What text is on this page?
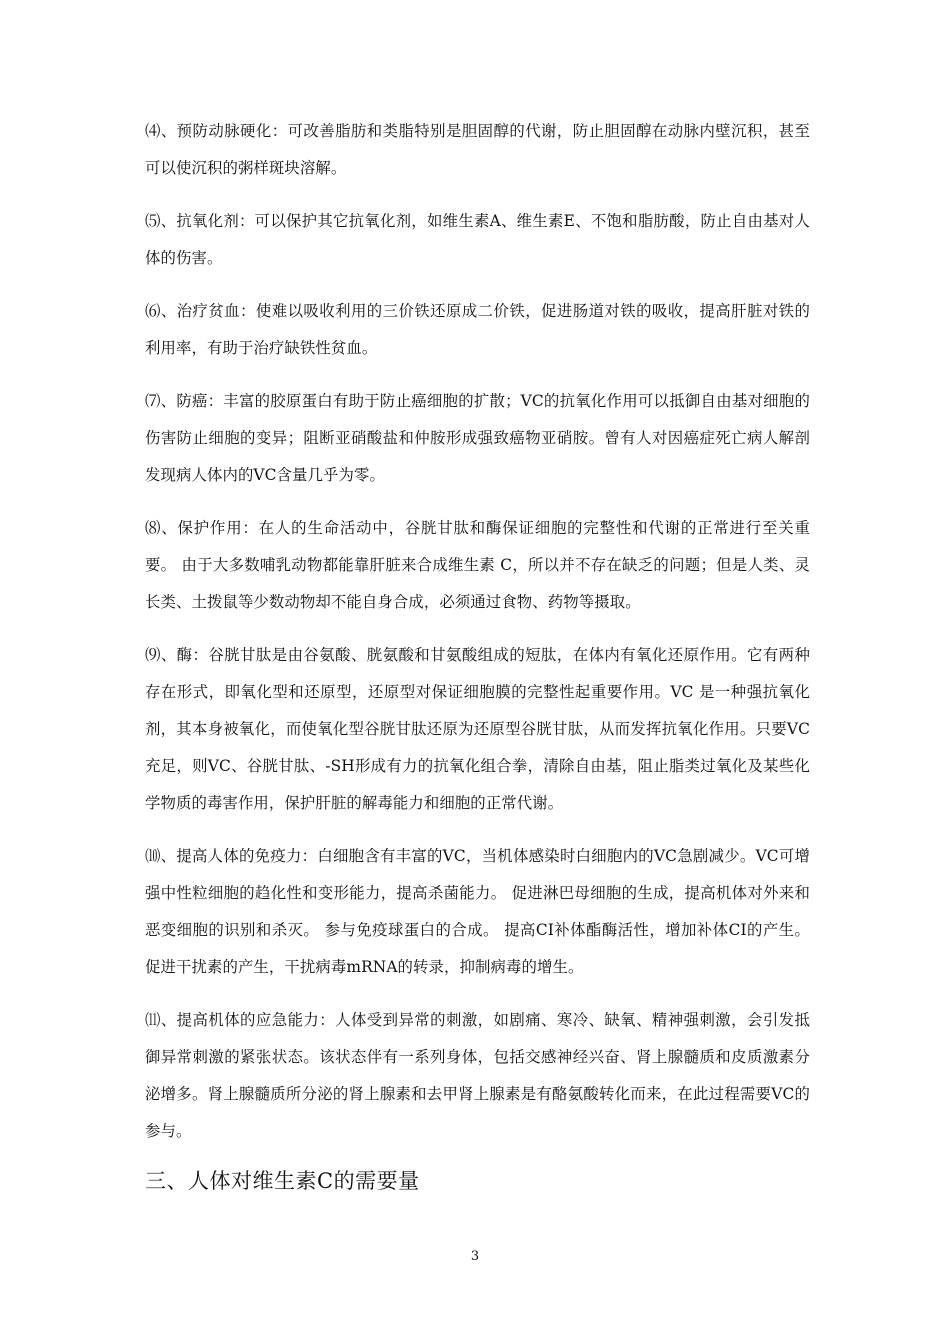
⑷、预防动脉硬化：可改善脂肪和类脂特别是胆固醇的代谢，防止胆固醇在动脉内壁沉积，甚至可以使沉积的粥样斑块溶解。

⑸、抗氧化剂：可以保护其它抗氧化剂，如维生素A、维生素E、不饱和脂肪酸，防止自由基对人体的伤害。

⑹、治疗贫血：使难以吸收利用的三价铁还原成二价铁，促进肠道对铁的吸收，提高肝脏对铁的利用率，有助于治疗缺铁性贫血。

⑺、防癌：丰富的胶原蛋白有助于防止癌细胞的扩散；VC的抗氧化作用可以抵御自由基对细胞的伤害防止细胞的变异；阻断亚硝酸盐和仲胺形成强致癌物亚硝胺。曾有人对因癌症死亡病人解剖发现病人体内的VC含量几乎为零。

⑻、保护作用：在人的生命活动中，谷胱甘肽和酶保证细胞的完整性和代谢的正常进行至关重要。 由于大多数哺乳动物都能靠肝脏来合成维生素 C，所以并不存在缺乏的问题；但是人类、灵长类、土拨鼠等少数动物却不能自身合成，必须通过食物、药物等摄取。

⑼、酶：谷胱甘肽是由谷氨酸、胱氨酸和甘氨酸组成的短肽，在体内有氧化还原作用。它有两种存在形式，即氧化型和还原型，还原型对保证细胞膜的完整性起重要作用。VC 是一种强抗氧化剂，其本身被氧化，而使氧化型谷胱甘肽还原为还原型谷胱甘肽，从而发挥抗氧化作用。只要VC充足，则VC、谷胱甘肽、-SH形成有力的抗氧化组合拳，清除自由基，阻止脂类过氧化及某些化学物质的毒害作用，保护肝脏的解毒能力和细胞的正常代谢。

⑽、提高人体的免疫力：白细胞含有丰富的VC，当机体感染时白细胞内的VC急剧减少。VC可增强中性粒细胞的趋化性和变形能力，提高杀菌能力。 促进淋巴母细胞的生成，提高机体对外来和恶变细胞的识别和杀灭。 参与免疫球蛋白的合成。 提高CI补体酯酶活性，增加补体CI的产生。促进干扰素的产生，干扰病毒mRNA的转录，抑制病毒的增生。

⑾、提高机体的应急能力：人体受到异常的刺激，如剧痛、寒冷、缺氧、精神强刺激，会引发抵御异常刺激的紧张状态。该状态伴有一系列身体，包括交感神经兴奋、肾上腺髓质和皮质激素分泌增多。肾上腺髓质所分泌的肾上腺素和去甲肾上腺素是有酪氨酸转化而来，在此过程需要VC的参与。

三、人体对维生素C的需要量
3
